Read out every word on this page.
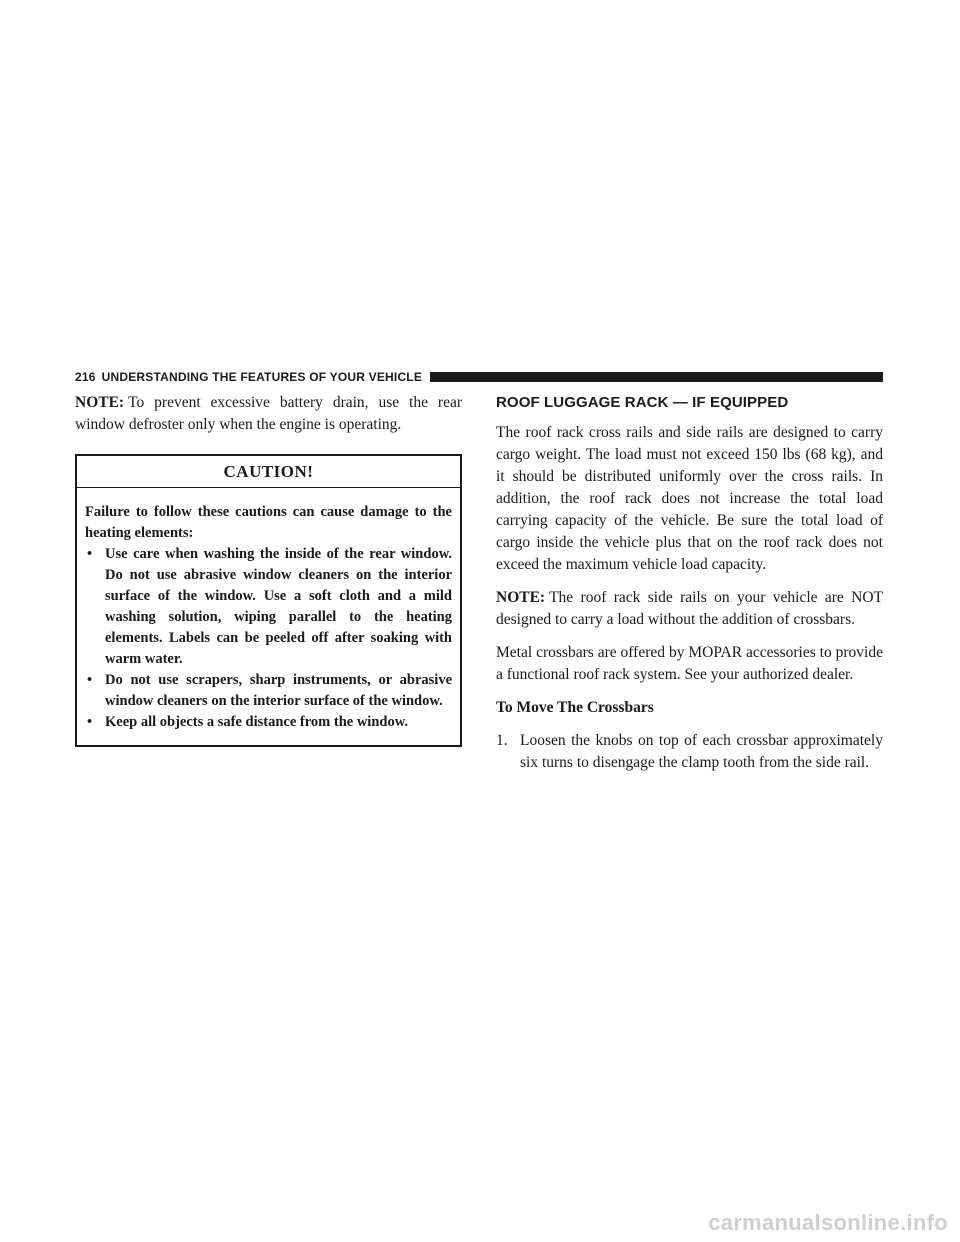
216 UNDERSTANDING THE FEATURES OF YOUR VEHICLE

NOTE: To prevent excessive battery drain, use the rear window defroster only when the engine is operating.

CAUTION!
Failure to follow these cautions can cause damage to the heating elements:
• Use care when washing the inside of the rear window. Do not use abrasive window cleaners on the interior surface of the window. Use a soft cloth and a mild washing solution, wiping parallel to the heating elements. Labels can be peeled off after soaking with warm water.
• Do not use scrapers, sharp instruments, or abrasive window cleaners on the interior surface of the window.
• Keep all objects a safe distance from the window.
ROOF LUGGAGE RACK — IF EQUIPPED

The roof rack cross rails and side rails are designed to carry cargo weight. The load must not exceed 150 lbs (68 kg), and it should be distributed uniformly over the cross rails. In addition, the roof rack does not increase the total load carrying capacity of the vehicle. Be sure the total load of cargo inside the vehicle plus that on the roof rack does not exceed the maximum vehicle load capacity.

NOTE: The roof rack side rails on your vehicle are NOT designed to carry a load without the addition of crossbars.

Metal crossbars are offered by MOPAR accessories to provide a functional roof rack system. See your authorized dealer.

To Move The Crossbars
1. Loosen the knobs on top of each crossbar approximately six turns to disengage the clamp tooth from the side rail.
carmanualsonline.info
